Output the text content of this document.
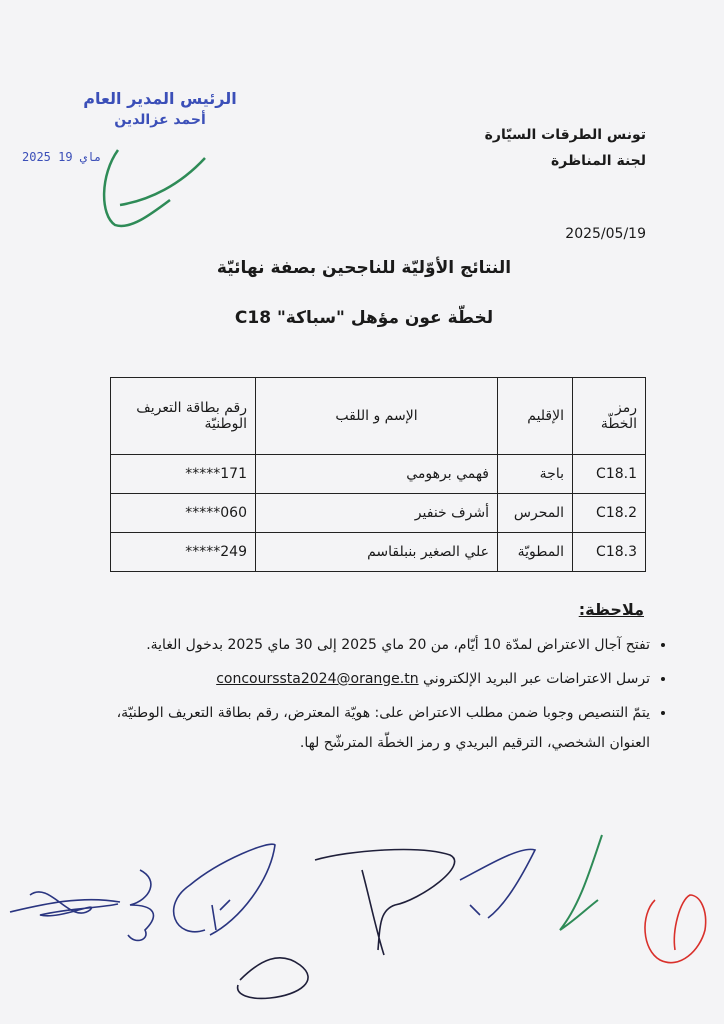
تونس الطرقات السيّارة
لجنة المناظرة
2025/05/19
الرئيس المدير العام
أحمد عزالدين
2025 ماي 19
النتائج الأوّليّة للناجحين بصفة نهائيّة
لخطّة عون مؤهل "سباكة" C18
رمز الخطّة	الإقليم	الإسم و اللقب	رقم بطاقة التعريف الوطنيّة
C18.1	باجة	فهمي برهومي	171*****
C18.2	المحرس	أشرف خنفير	060*****
C18.3	المطويّة	علي الصغير بنبلقاسم	249*****
ملاحظة:
• تفتح آجال الاعتراض لمدّة 10 أيّام، من 20 ماي 2025 إلى 30 ماي 2025 بدخول الغاية.
• ترسل الاعتراضات عبر البريد الإلكتروني concourssta2024@orange.tn
• يتمّ التنصيص وجوبا ضمن مطلب الاعتراض على: هويّة المعترض، رقم بطاقة التعريف الوطنيّة، العنوان الشخصي، الترقيم البريدي و رمز الخطّة المترشّح لها.
